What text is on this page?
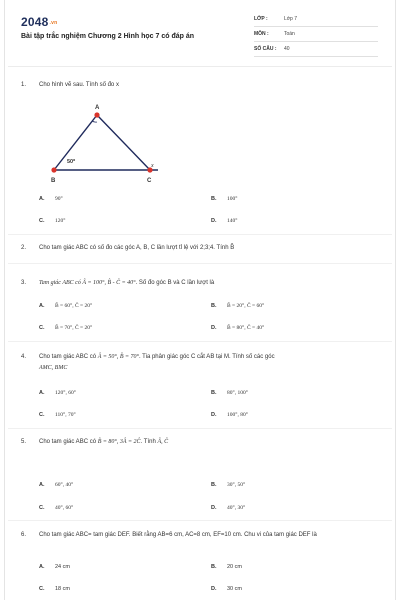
2048.vn
Bài tập trắc nghiệm Chương 2 Hình học 7 có đáp án
LỚP :	Lớp 7
MÔN :	Toán
SỐ CÂU : 40
1. Cho hình vẽ sau. Tính số đo x
A
B	C
50º
x
A. 90°	B. 100°
C. 120°	D. 140°
2. Cho tam giác ABC có số đo các góc A, B, C lần lượt tỉ lệ với 2;3;4. Tính B̂
3. Tam giác ABC có Â = 100°, B̂ - Ĉ = 40°. Số đo góc B và C lần lượt là
A. B̂ = 60°, Ĉ = 20°	B. B̂ = 20°, Ĉ = 60°
C. B̂ = 70°, Ĉ = 20°	D. B̂ = 80°, Ĉ = 40°
4. Cho tam giác ABC có Â = 50°, B̂ = 70°. Tia phân giác góc C cắt AB tại M. Tính số các góc
AMC, BMC
A. 120°, 60°	B. 80°, 100°
C. 110°, 70°	D. 100°, 80°
5. Cho tam giác ABC có B̂ = 80°, 3Â = 2Ĉ. Tính Â, Ĉ
A. 60°, 40°	B. 30°, 50°
C. 40°, 60°	D. 40°, 30°
6. Cho tam giác ABC= tam giác DEF. Biết rằng AB=6 cm, AC=8 cm, EF=10 cm. Chu vi của tam giác DEF là
A. 24 cm	B. 20 cm
C. 18 cm	D. 30 cm
